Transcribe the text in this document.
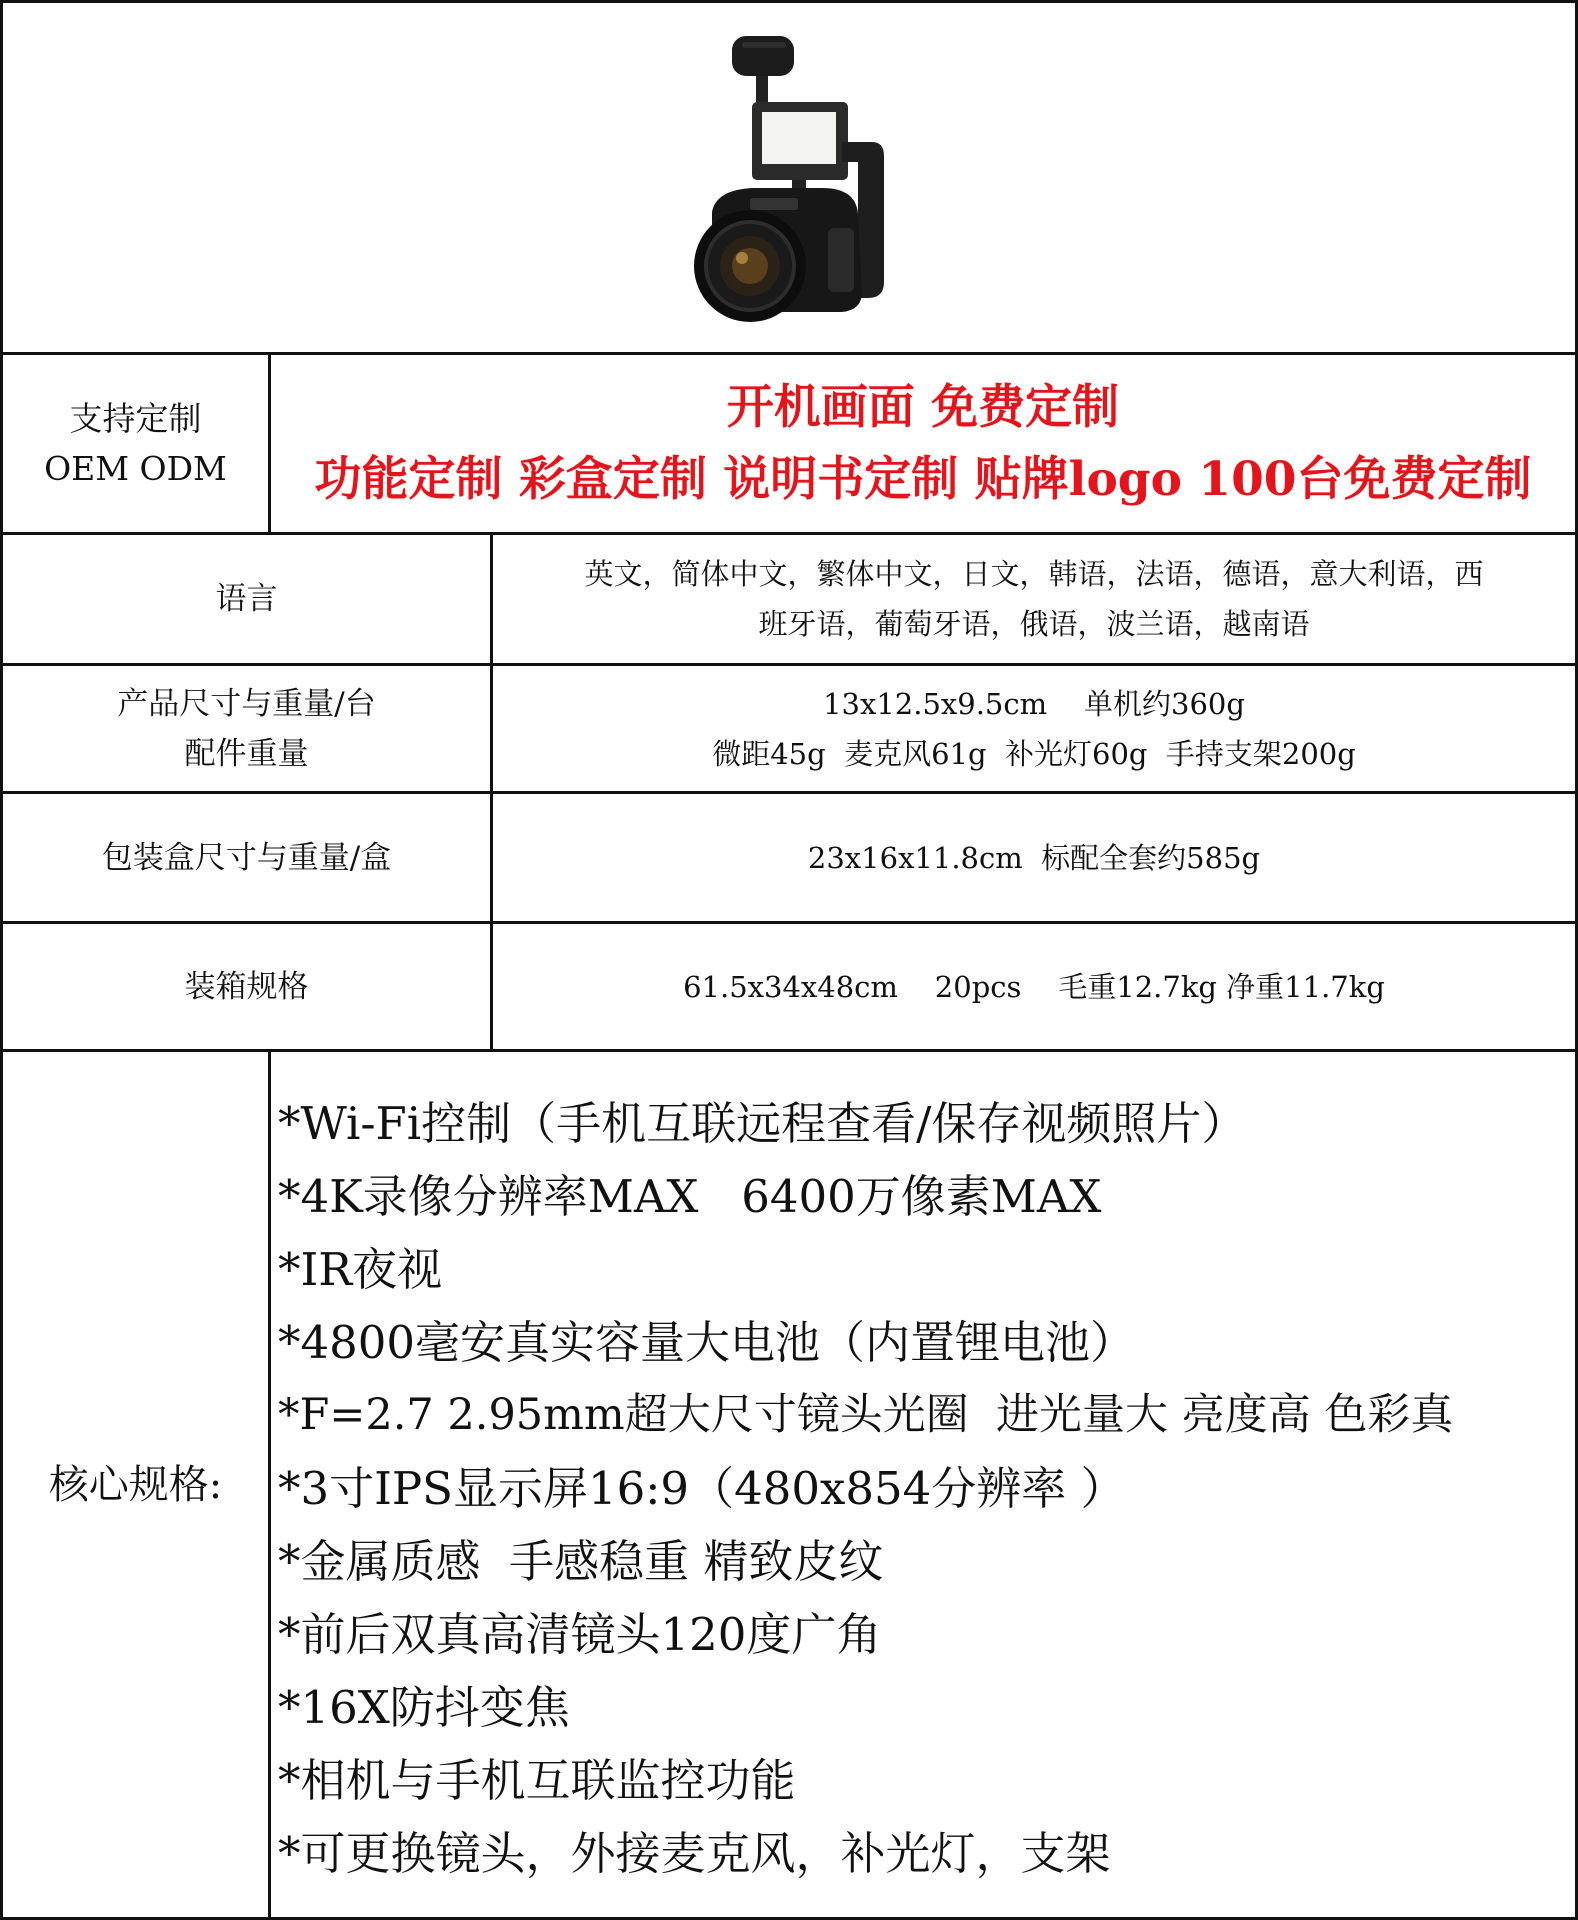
支持定制
OEM ODM
开机画面 免费定制
功能定制 彩盒定制 说明书定制 贴牌logo 100台免费定制
语言
英文，简体中文，繁体中文，日文，韩语，法语，德语，意大利语，西
班牙语，葡萄牙语，俄语，波兰语，越南语
产品尺寸与重量/台
配件重量
13x12.5x9.5cm    单机约360g
微距45g  麦克风61g  补光灯60g  手持支架200g
包装盒尺寸与重量/盒	23x16x11.8cm  标配全套约585g
装箱规格	61.5x34x48cm    20pcs    毛重12.7kg 净重11.7kg
核心规格:
*Wi-Fi控制（手机互联远程查看/保存视频照片）
*4K录像分辨率MAX   6400万像素MAX
*IR夜视
*4800毫安真实容量大电池（内置锂电池）
*F=2.7 2.95mm超大尺寸镜头光圈  进光量大 亮度高 色彩真
*3寸IPS显示屏16:9（480x854分辨率 ）
*金属质感  手感稳重 精致皮纹
*前后双真高清镜头120度广角
*16X防抖变焦
*相机与手机互联监控功能
*可更换镜头，外接麦克风，补光灯，支架
